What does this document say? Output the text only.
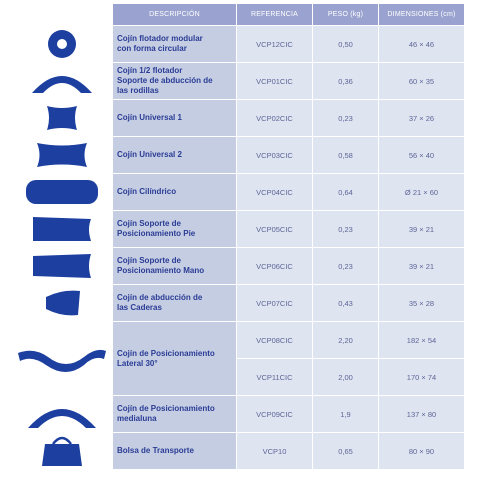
	DESCRIPCIÓN	REFERENCIA	PESO (kg)	DIMENSIONES (cm)

Cojín flotador modular
con forma circular	VCP12CIC	0,50	46 × 46

Cojín 1/2 flotador
Soporte de abducción de
las rodillas	VCP01CIC	0,36	60 × 35

Cojín Universal 1	VCP02CIC	0,23	37 × 26

Cojín Universal 2	VCP03CIC	0,58	56 × 40

Cojín Cilíndrico	VCP04CIC	0,64	Ø 21 × 60

Cojín Soporte de
Posicionamiento Pie	VCP05CIC	0,23	39 × 21

Cojín Soporte de
Posicionamiento Mano	VCP06CIC	0,23	39 × 21

Cojín de abducción de
las Caderas	VCP07CIC	0,43	35 × 28

Cojín de Posicionamiento
Lateral 30°	VCP08CIC	2,20	182 × 54
		VCP11CIC	2,00	170 × 74

Cojín de Posicionamiento
medialuna	VCP09CIC	1,9	137 × 80

Bolsa de Transporte	VCP10	0,65	80 × 90
